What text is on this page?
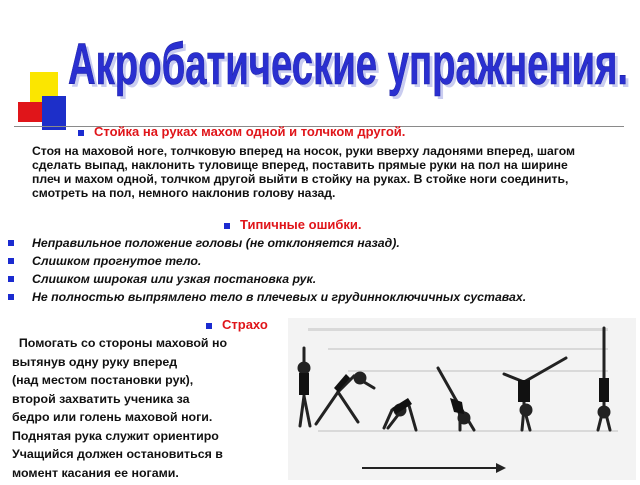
Акробатические упражнения.
Акробатические упражнения.
Стойка на руках махом одной и толчком другой.
Стоя на маховой ноге, толчковую вперед на носок, руки вверху ладонями вперед, шагом сделать выпад, наклонить туловище вперед, поставить прямые руки на пол на ширине плеч и махом одной, толчком другой выйти в стойку на руках. В стойке ноги соединить, смотреть на пол, немного наклонив голову назад.
Типичные ошибки.
Неправильное положение головы (не отклоняется назад).
Слишком прогнутое тело.
Слишком широкая или узкая постановка рук.
Не полностью выпрямлено тело в плечевых и грудинноключичных суставах.
Страхо
Помогать со стороны маховой но
вытянув одну руку вперед
(над местом постановки рук),
второй захватить ученика за
бедро или голень маховой ноги.
Поднятая рука служит ориентиро
Учащийся должен остановиться в
момент касания ее ногами.
